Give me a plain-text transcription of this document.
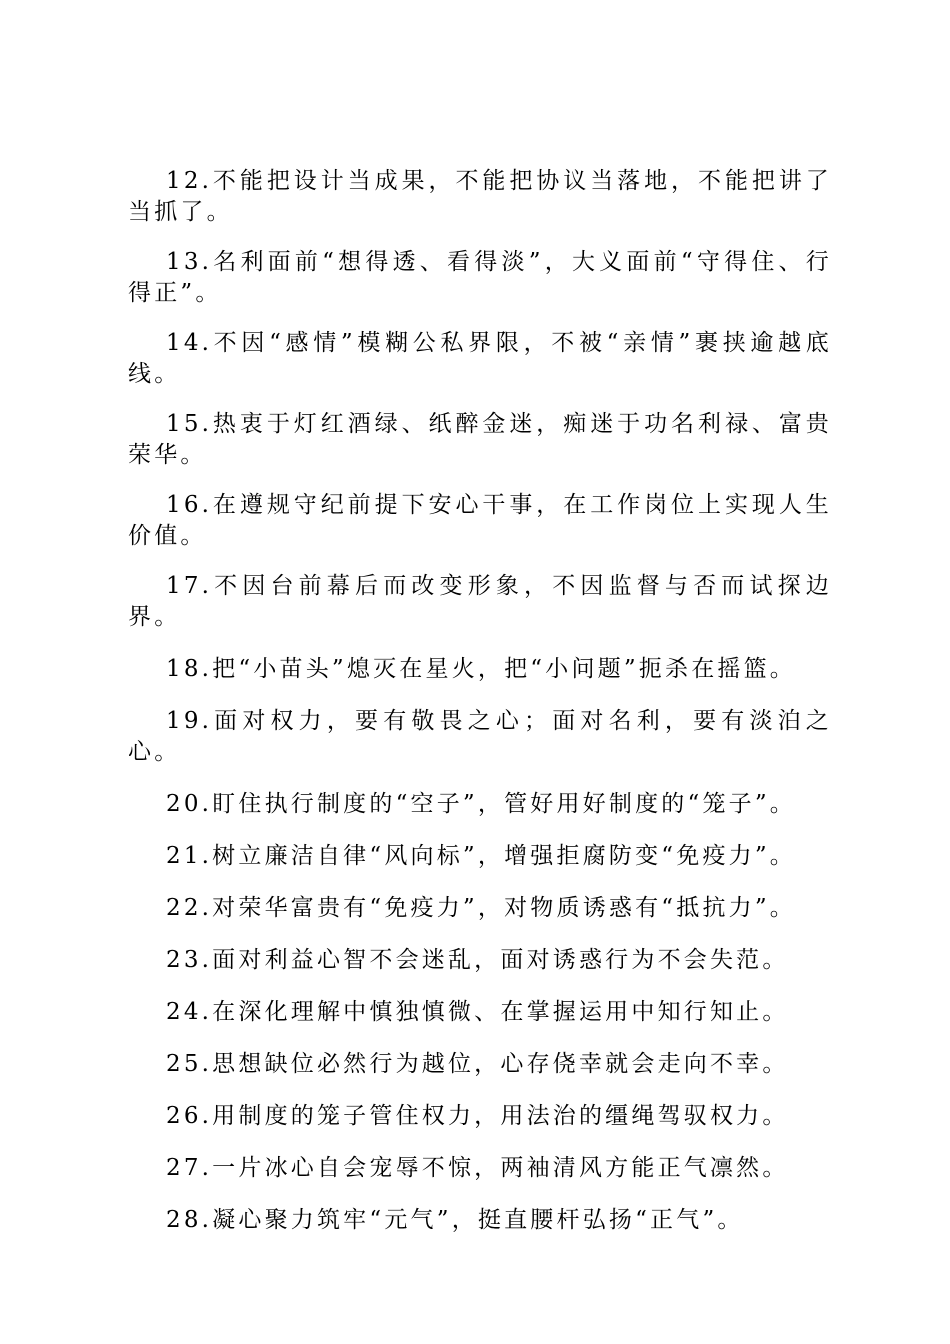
12.不能把设计当成果，不能把协议当落地，不能把讲了当抓了。

13.名利面前“想得透、看得淡”，大义面前“守得住、行得正”。

14.不因“感情”模糊公私界限，不被“亲情”裹挟逾越底线。

15.热衷于灯红酒绿、纸醉金迷，痴迷于功名利禄、富贵荣华。

16.在遵规守纪前提下安心干事，在工作岗位上实现人生价值。

17.不因台前幕后而改变形象，不因监督与否而试探边界。

18.把“小苗头”熄灭在星火，把“小问题”扼杀在摇篮。

19.面对权力，要有敬畏之心；面对名利，要有淡泊之心。

20.盯住执行制度的“空子”，管好用好制度的“笼子”。

21.树立廉洁自律“风向标”，增强拒腐防变“免疫力”。

22.对荣华富贵有“免疫力”，对物质诱惑有“抵抗力”。

23.面对利益心智不会迷乱，面对诱惑行为不会失范。

24.在深化理解中慎独慎微、在掌握运用中知行知止。

25.思想缺位必然行为越位，心存侥幸就会走向不幸。

26.用制度的笼子管住权力，用法治的缰绳驾驭权力。

27.一片冰心自会宠辱不惊，两袖清风方能正气凛然。

28.凝心聚力筑牢“元气”，挺直腰杆弘扬“正气”。
